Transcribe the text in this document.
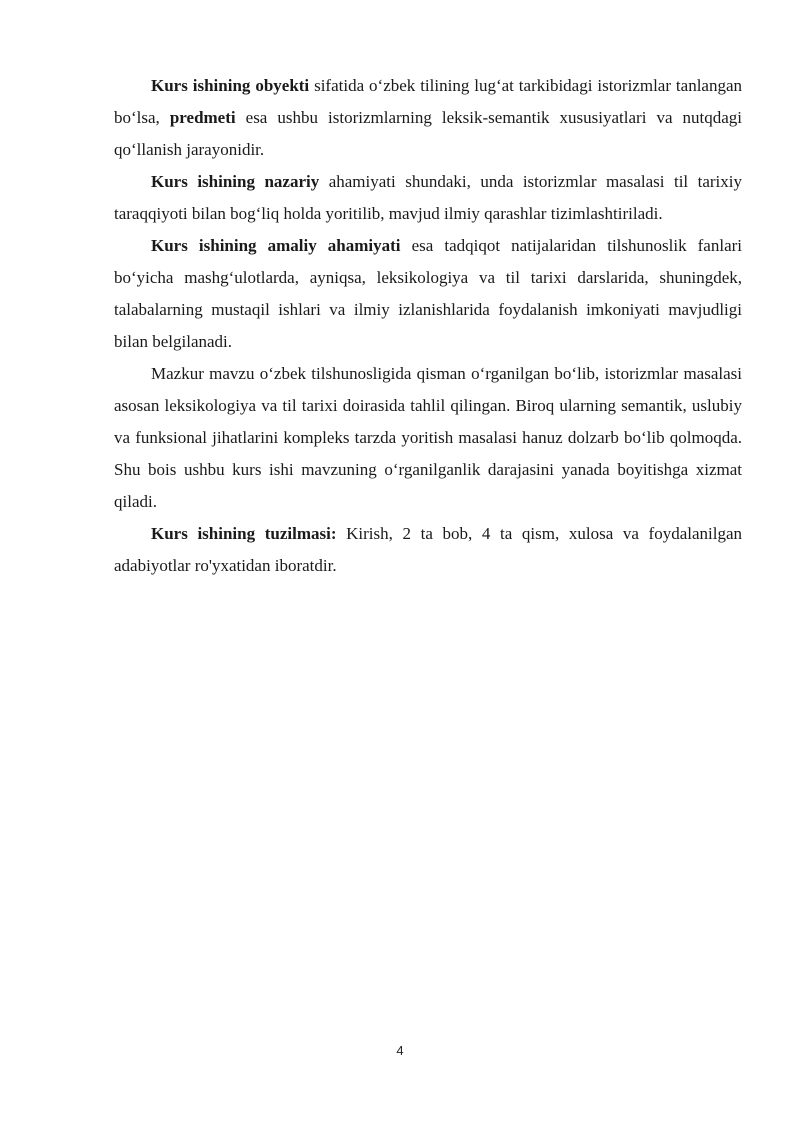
Kurs ishining obyekti sifatida o‘zbek tilining lug‘at tarkibidagi istorizmlar tanlangan bo‘lsa, predmeti esa ushbu istorizmlarning leksik-semantik xususiyatlari va nutqdagi qo‘llanish jarayonidir.

Kurs ishining nazariy ahamiyati shundaki, unda istorizmlar masalasi til tarixiy taraqqiyoti bilan bog‘liq holda yoritilib, mavjud ilmiy qarashlar tizimlashtiriladi.

Kurs ishining amaliy ahamiyati esa tadqiqot natijalaridan tilshunoslik fanlari bo‘yicha mashg‘ulotlarda, ayniqsa, leksikologiya va til tarixi darslarida, shuningdek, talabalarning mustaqil ishlari va ilmiy izlanishlarida foydalanish imkoniyati mavjudligi bilan belgilanadi.

Mazkur mavzu o‘zbek tilshunosligida qisman o‘rganilgan bo‘lib, istorizmlar masalasi asosan leksikologiya va til tarixi doirasida tahlil qilingan. Biroq ularning semantik, uslubiy va funksional jihatlarini kompleks tarzda yoritish masalasi hanuz dolzarb bo‘lib qolmoqda. Shu bois ushbu kurs ishi mavzuning o‘rganilganlik darajasini yanada boyitishga xizmat qiladi.

Kurs ishining tuzilmasi: Kirish, 2 ta bob, 4 ta qism, xulosa va foydalanilgan adabiyotlar ro'yxatidan iboratdir.

4
